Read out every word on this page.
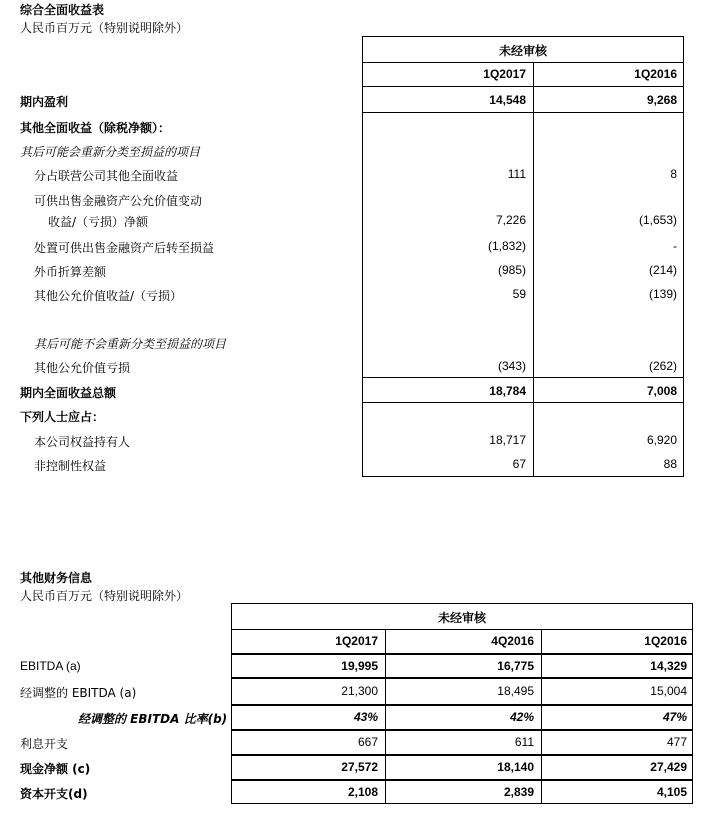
综合全面收益表
人民币百万元（特别说明除外）
未经审核
1Q2017	1Q2016
期内盈利	14,548	9,268
其他全面收益（除税净额）：
其后可能会重新分类至损益的项目
分占联营公司其他全面收益	111	8
可供出售金融资产公允价值变动
收益/（亏损）净额	7,226	(1,653)
处置可供出售金融资产后转至损益	(1,832)	-
外币折算差额	(985)	(214)
其他公允价值收益/（亏损）	59	(139)
其后可能不会重新分类至损益的项目
其他公允价值亏损	(343)	(262)
期内全面收益总额	18,784	7,008
下列人士应占：
本公司权益持有人	18,717	6,920
非控制性权益	67	88
其他财务信息
人民币百万元（特别说明除外）
未经审核
1Q2017	4Q2016	1Q2016
EBITDA (a)	19,995	16,775	14,329
经调整的 EBITDA (a)	21,300	18,495	15,004
经调整的 EBITDA 比率(b)	43%	42%	47%
利息开支	667	611	477
现金净额 (c)	27,572	18,140	27,429
资本开支(d)	2,108	2,839	4,105
